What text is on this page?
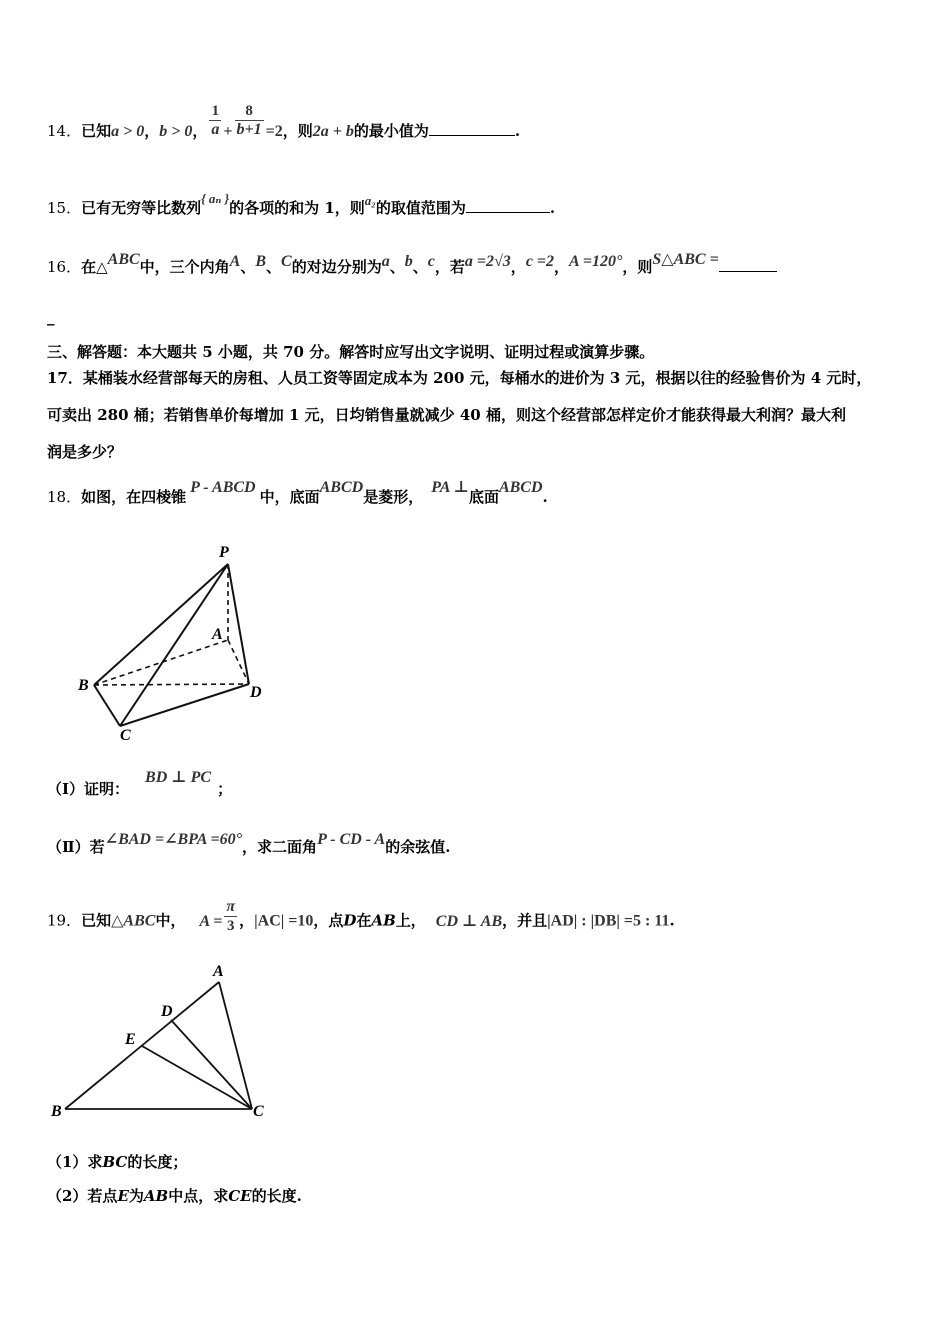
14．已知a > 0，b > 0， $\frac{1}{a} + \frac{8}{b+1} =2$，则2a + b的最小值为	.
15．已有无穷等比数列{ aₙ }的各项的和为 1，则a₂的取值范围为	.
16．在△ABC中，三个内角A、B、C的对边分别为a、b、c，若a =2√3，c =2，A =120°，则S△ABC =
_
三、解答题：本大题共 5 小题，共 70 分。解答时应写出文字说明、证明过程或演算步骤。
17．某桶装水经营部每天的房租、人员工资等固定成本为 200 元，每桶水的进价为 3 元，根据以往的经验售价为 4 元时，
可卖出 280 桶；若销售单价每增加 1 元，日均销售量就减少 40 桶，则这个经营部怎样定价才能获得最大利润？最大利
润是多少？
18．如图，在四棱锥P - ABCD中，底面ABCD是菱形，PA ⊥底面ABCD.
P
A
B	D
C
（Ⅰ）证明：BD ⊥ PC；
（Ⅱ）若∠BAD =∠BPA =60°，求二面角P - CD - A的余弦值.
19．已知△ABC中， $A = \frac{\pi}{3}$ ，|AC| =10，点D在AB上， CD ⊥ AB，并且|AD| : |DB| =5 : 11.
A
D
E
B	C
（1）求BC的长度；
（2）若点E为AB中点，求CE的长度.
